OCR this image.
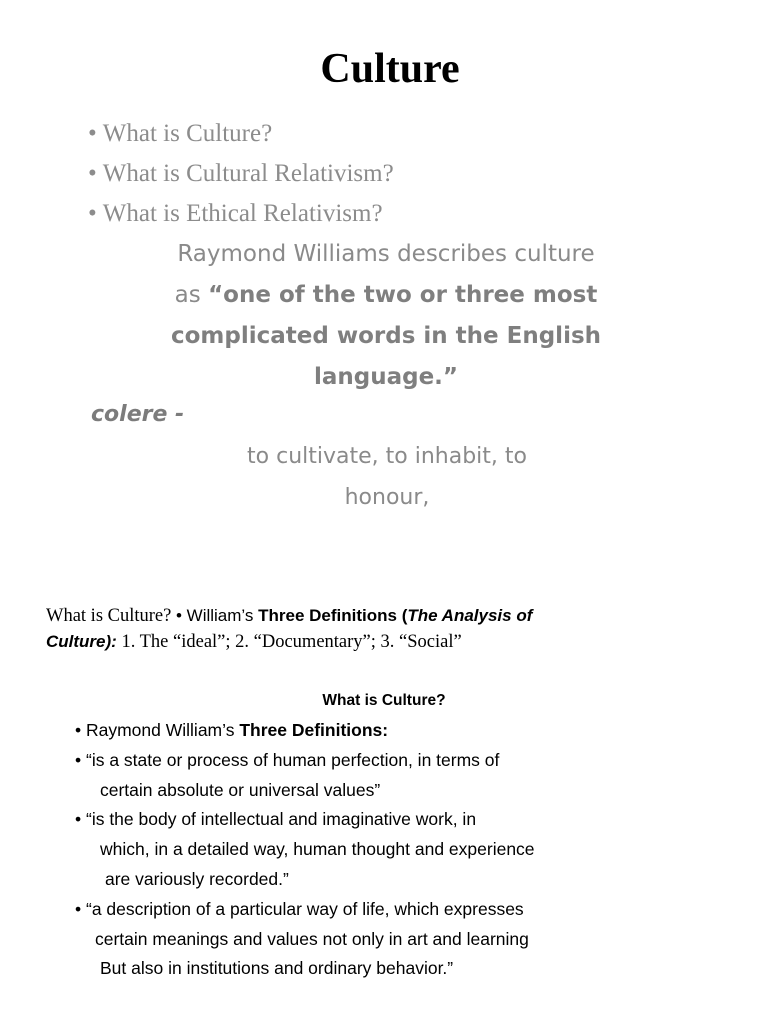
Culture
• What is Culture?
• What is Cultural Relativism?
• What is Ethical Relativism?
Raymond Williams describes culture
as “one of the two or three most
complicated words in the English
language.”
colere -
to cultivate, to inhabit, to
honour,
What is Culture? • William’s Three Definitions (The Analysis of
Culture): 1. The “ideal”; 2. “Documentary”; 3. “Social”
What is Culture?
• Raymond William’s Three Definitions:
• “is a state or process of human perfection, in terms of
certain absolute or universal values”
• “is the body of intellectual and imaginative work, in
which, in a detailed way, human thought and experience
are variously recorded.”
• “a description of a particular way of life, which expresses
certain meanings and values not only in art and learning
But also in institutions and ordinary behavior.”
